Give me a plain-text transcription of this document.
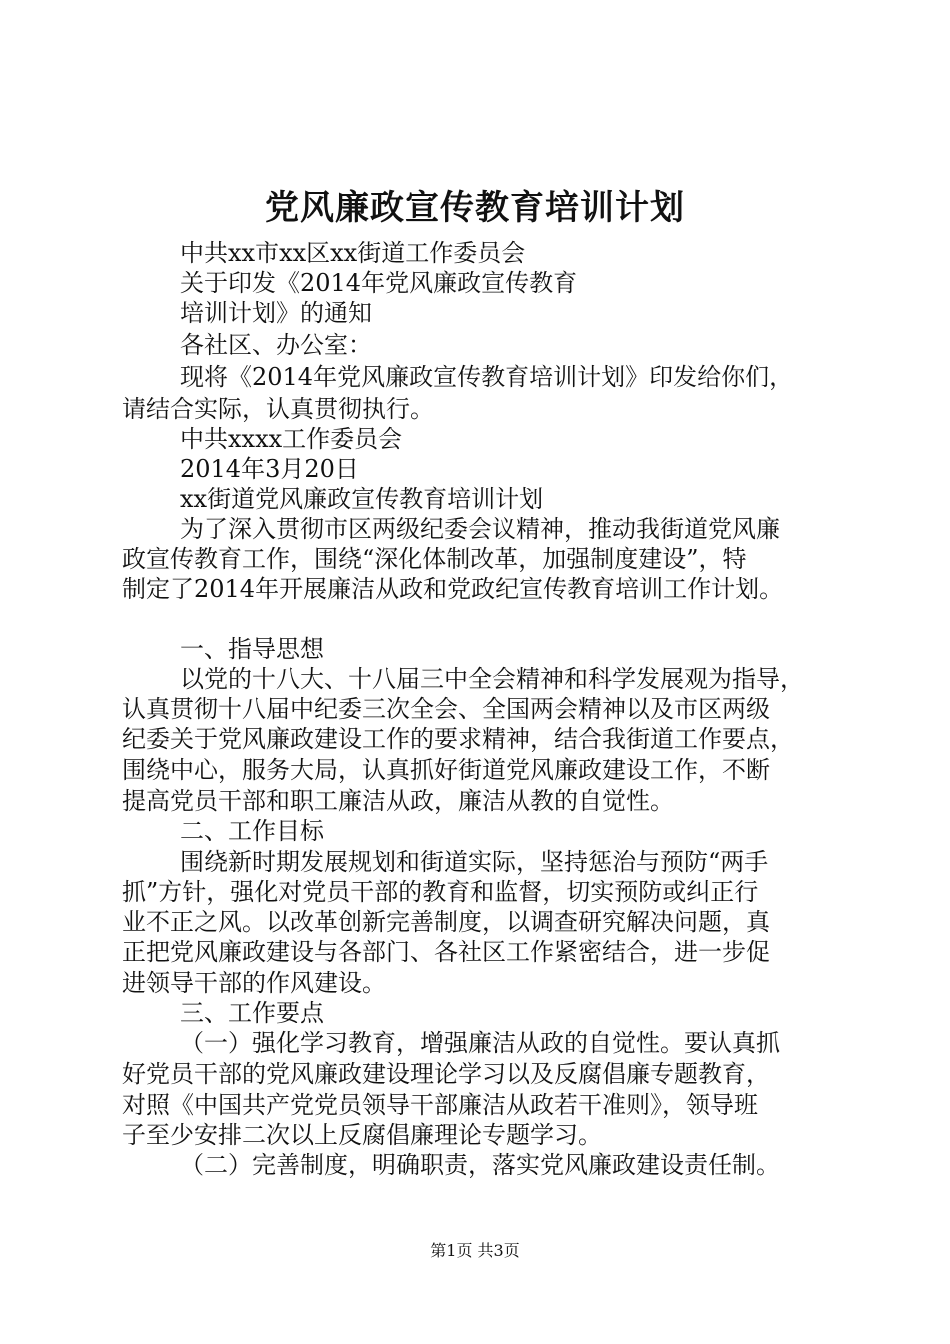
党风廉政宣传教育培训计划
中共xx市xx区xx街道工作委员会
关于印发《2014年党风廉政宣传教育
培训计划》的通知
各社区、办公室：
现将《2014年党风廉政宣传教育培训计划》印发给你们，
请结合实际，认真贯彻执行。
中共xxxx工作委员会
2014年3月20日
xx街道党风廉政宣传教育培训计划
为了深入贯彻市区两级纪委会议精神，推动我街道党风廉
政宣传教育工作，围绕“深化体制改革，加强制度建设”，特
制定了2014年开展廉洁从政和党政纪宣传教育培训工作计划。
一、指导思想
以党的十八大、十八届三中全会精神和科学发展观为指导，
认真贯彻十八届中纪委三次全会、全国两会精神以及市区两级
纪委关于党风廉政建设工作的要求精神，结合我街道工作要点，
围绕中心，服务大局，认真抓好街道党风廉政建设工作，不断
提高党员干部和职工廉洁从政，廉洁从教的自觉性。
二、工作目标
围绕新时期发展规划和街道实际，坚持惩治与预防“两手
抓”方针，强化对党员干部的教育和监督，切实预防或纠正行
业不正之风。以改革创新完善制度，以调查研究解决问题，真
正把党风廉政建设与各部门、各社区工作紧密结合，进一步促
进领导干部的作风建设。
三、工作要点
（一）强化学习教育，增强廉洁从政的自觉性。要认真抓
好党员干部的党风廉政建设理论学习以及反腐倡廉专题教育，
对照《中国共产党党员领导干部廉洁从政若干准则》，领导班
子至少安排二次以上反腐倡廉理论专题学习。
（二）完善制度，明确职责，落实党风廉政建设责任制。
第1页 共3页
